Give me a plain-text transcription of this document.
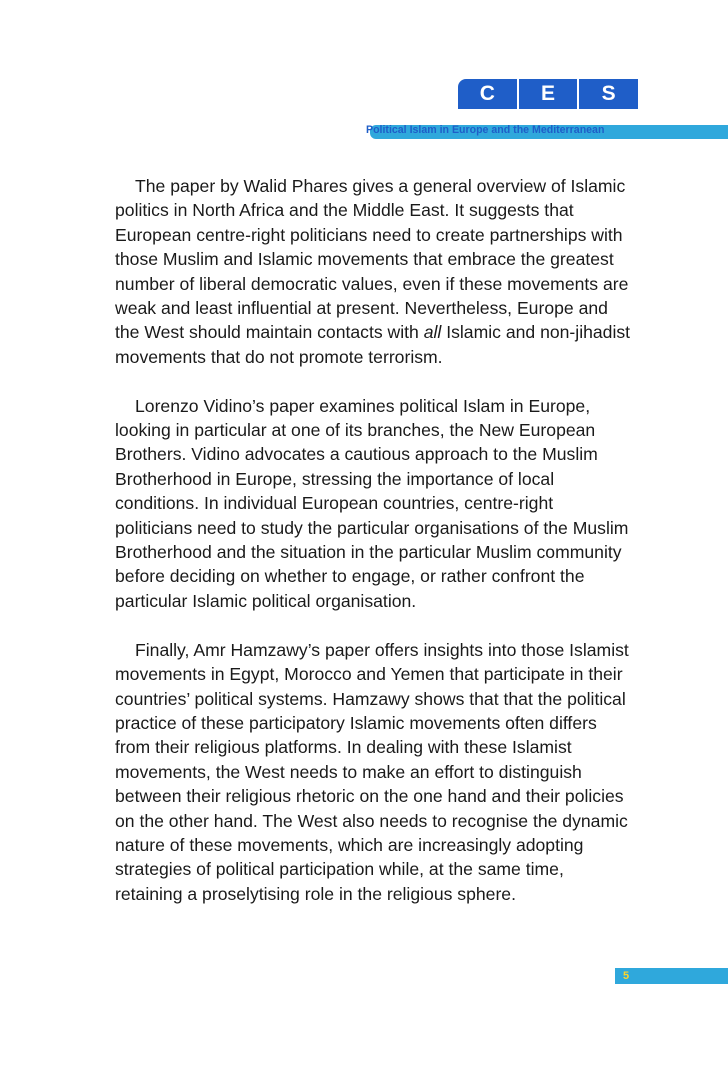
C	E	S
Political Islam in Europe and the Mediterranean

The paper by Walid Phares gives a general overview of Islamic politics in North Africa and the Middle East. It suggests that European centre-right politicians need to create partnerships with those Muslim and Islamic movements that embrace the greatest number of liberal democratic values, even if these movements are weak and least influential at present. Nevertheless, Europe and the West should maintain contacts with all Islamic and non-jihadist movements that do not promote terrorism.

Lorenzo Vidino’s paper examines political Islam in Europe, looking in particular at one of its branches, the New European Brothers. Vidino advocates a cautious approach to the Muslim Brotherhood in Europe, stressing the importance of local conditions. In individual European countries, centre-right politicians need to study the particular organisations of the Muslim Brotherhood and the situation in the particular Muslim community before deciding on whether to engage, or rather confront the particular Islamic political organisation.

Finally, Amr Hamzawy’s paper offers insights into those Islamist movements in Egypt, Morocco and Yemen that participate in their countries’ political systems. Hamzawy shows that that the political practice of these participatory Islamic movements often differs from their religious platforms. In dealing with these Islamist movements, the West needs to make an effort to distinguish between their religious rhetoric on the one hand and their policies on the other hand. The West also needs to recognise the dynamic nature of these movements, which are increasingly adopting strategies of political participation while, at the same time, retaining a proselytising role in the religious sphere.

5
